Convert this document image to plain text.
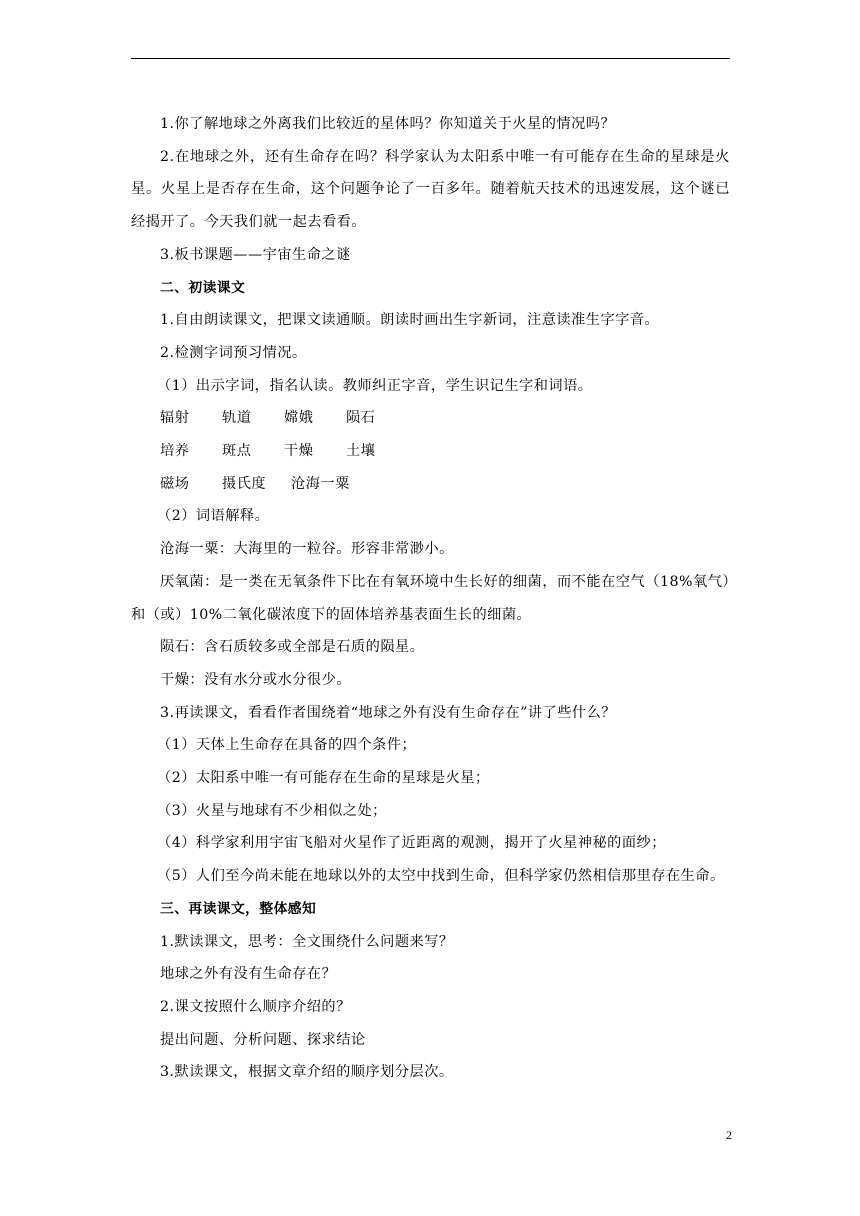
1.你了解地球之外离我们比较近的星体吗？你知道关于火星的情况吗？

2.在地球之外，还有生命存在吗？科学家认为太阳系中唯一有可能存在生命的星球是火星。火星上是否存在生命，这个问题争论了一百多年。随着航天技术的迅速发展，这个谜已经揭开了。今天我们就一起去看看。

3.板书课题——宇宙生命之谜

二、初读课文

1.自由朗读课文，把课文读通顺。朗读时画出生字新词，注意读准生字字音。

2.检测字词预习情况。

（1）出示字词，指名认读。教师纠正字音，学生识记生字和词语。

辐射	轨道	嫦娥	陨石
培养	斑点	干燥	土壤
磁场	摄氏度	沧海一粟

（2）词语解释。

沧海一粟：大海里的一粒谷。形容非常渺小。

厌氧菌：是一类在无氧条件下比在有氧环境中生长好的细菌，而不能在空气（18%氧气）和（或）10%二氧化碳浓度下的固体培养基表面生长的细菌。

陨石：含石质较多或全部是石质的陨星。

干燥：没有水分或水分很少。

3.再读课文，看看作者围绕着“地球之外有没有生命存在”讲了些什么？

（1）天体上生命存在具备的四个条件；

（2）太阳系中唯一有可能存在生命的星球是火星；

（3）火星与地球有不少相似之处；

（4）科学家利用宇宙飞船对火星作了近距离的观测，揭开了火星神秘的面纱；

（5）人们至今尚未能在地球以外的太空中找到生命，但科学家仍然相信那里存在生命。

三、再读课文，整体感知

1.默读课文，思考：全文围绕什么问题来写？

地球之外有没有生命存在？

2.课文按照什么顺序介绍的？

提出问题、分析问题、探求结论

3.默读课文，根据文章介绍的顺序划分层次。

2
